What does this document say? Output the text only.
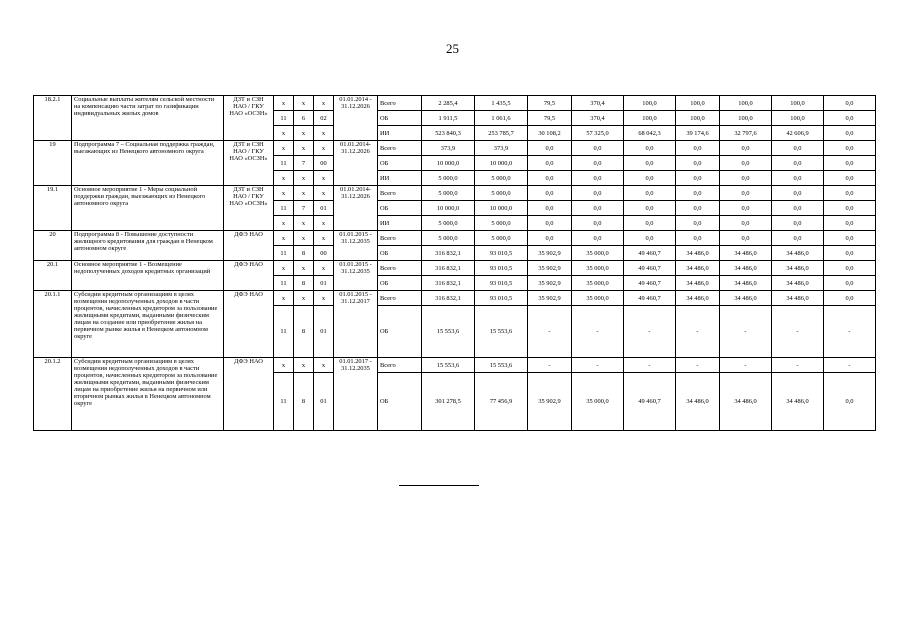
25
18.2.1	Социальные выплаты жителям сельской местности на компенсацию части затрат по газификации индивидуальных жилых домов	ДЗТ и СЗН НАО / ГКУ НАО «ОСЗН»	х	х	х	01.01.2014 - 31.12.2026	Всего	2 285,4	1 435,5	79,5	370,4	100,0	100,0	100,0	100,0	0,0
			11	6	02		ОБ	1 911,5	1 061,6	79,5	370,4	100,0	100,0	100,0	100,0	0,0
			х	х	х		ИИ	523 840,3	253 785,7	30 108,2	57 325,0	68 042,3	39 174,6	32 797,6	42 606,9	0,0
19	Подпрограмма 7 – Социальная поддержка граждан, выезжающих из Ненецкого автономного округа	ДЗТ и СЗН НАО / ГКУ НАО «ОСЗН»	х	х	х	01.01.2014- 31.12.2026	Всего	373,9	373,9	0,0	0,0	0,0	0,0	0,0	0,0	0,0
			11	7	00		ОБ	10 000,0	10 000,0	0,0	0,0	0,0	0,0	0,0	0,0	0,0
			х	х	х		ИИ	5 000,0	5 000,0	0,0	0,0	0,0	0,0	0,0	0,0	0,0
19.1	Основное мероприятие 1 - Меры социальной поддержки граждан, выезжающих из Ненецкого автономного округа	ДЗТ и СЗН НАО / ГКУ НАО «ОСЗН»	х	х	х	01.01.2014- 31.12.2026	Всего	5 000,0	5 000,0	0,0	0,0	0,0	0,0	0,0	0,0	0,0
			11	7	01		ОБ	10 000,0	10 000,0	0,0	0,0	0,0	0,0	0,0	0,0	0,0
			х	х	х		ИИ	5 000,0	5 000,0	0,0	0,0	0,0	0,0	0,0	0,0	0,0
20	Подпрограмма 8 - Повышение доступности жилищного кредитования для граждан в Ненецком автономном округе	ДФЭ НАО	х	х	х	01.01.2015 - 31.12.2035	Всего	5 000,0	5 000,0	0,0	0,0	0,0	0,0	0,0	0,0	0,0
			11	8	00		ОБ	316 832,1	93 010,5	35 902,9	35 000,0	49 460,7	34 486,0	34 486,0	34 486,0	0,0
20.1	Основное мероприятие 1 - Возмещение недополученных доходов кредитных организаций	ДФЭ НАО	х	х	х	01.01.2015 - 31.12.2035	Всего	316 832,1	93 010,5	35 902,9	35 000,0	49 460,7	34 486,0	34 486,0	34 486,0	0,0
			11	8	01		ОБ	316 832,1	93 010,5	35 902,9	35 000,0	49 460,7	34 486,0	34 486,0	34 486,0	0,0
20.1.1	Субсидии кредитным организациям в целях возмещения недополученных доходов в части процентов, начисленных кредитором за пользование жилищными кредитами, выданными физическим лицам на создание или приобретение жилья на первичном рынке жилья в Ненецком автономном округе	ДФЭ НАО	х	х	х	01.01.2015 - 31.12.2017	Всего	316 832,1	93 010,5	35 902,9	35 000,0	49 460,7	34 486,0	34 486,0	34 486,0	0,0
			11	8	01		ОБ	15 553,6	15 553,6	-	-	-	-	-	-	-
20.1.2	Субсидии кредитным организациям в целях возмещения недополученных доходов в части процентов, начисленных кредитором за пользование жилищными кредитами, выданными физическим лицам на приобретение жилья на первичном или вторичном рынках жилья в Ненецком автономном округе	ДФЭ НАО	х	х	х	01.01.2017 - 31.12.2035	Всего	15 553,6	15 553,6	-	-	-	-	-	-	-
			11	8	01		ОБ	301 278,5	77 456,9	35 902,9	35 000,0	49 460,7	34 486,0	34 486,0	34 486,0	0,0
